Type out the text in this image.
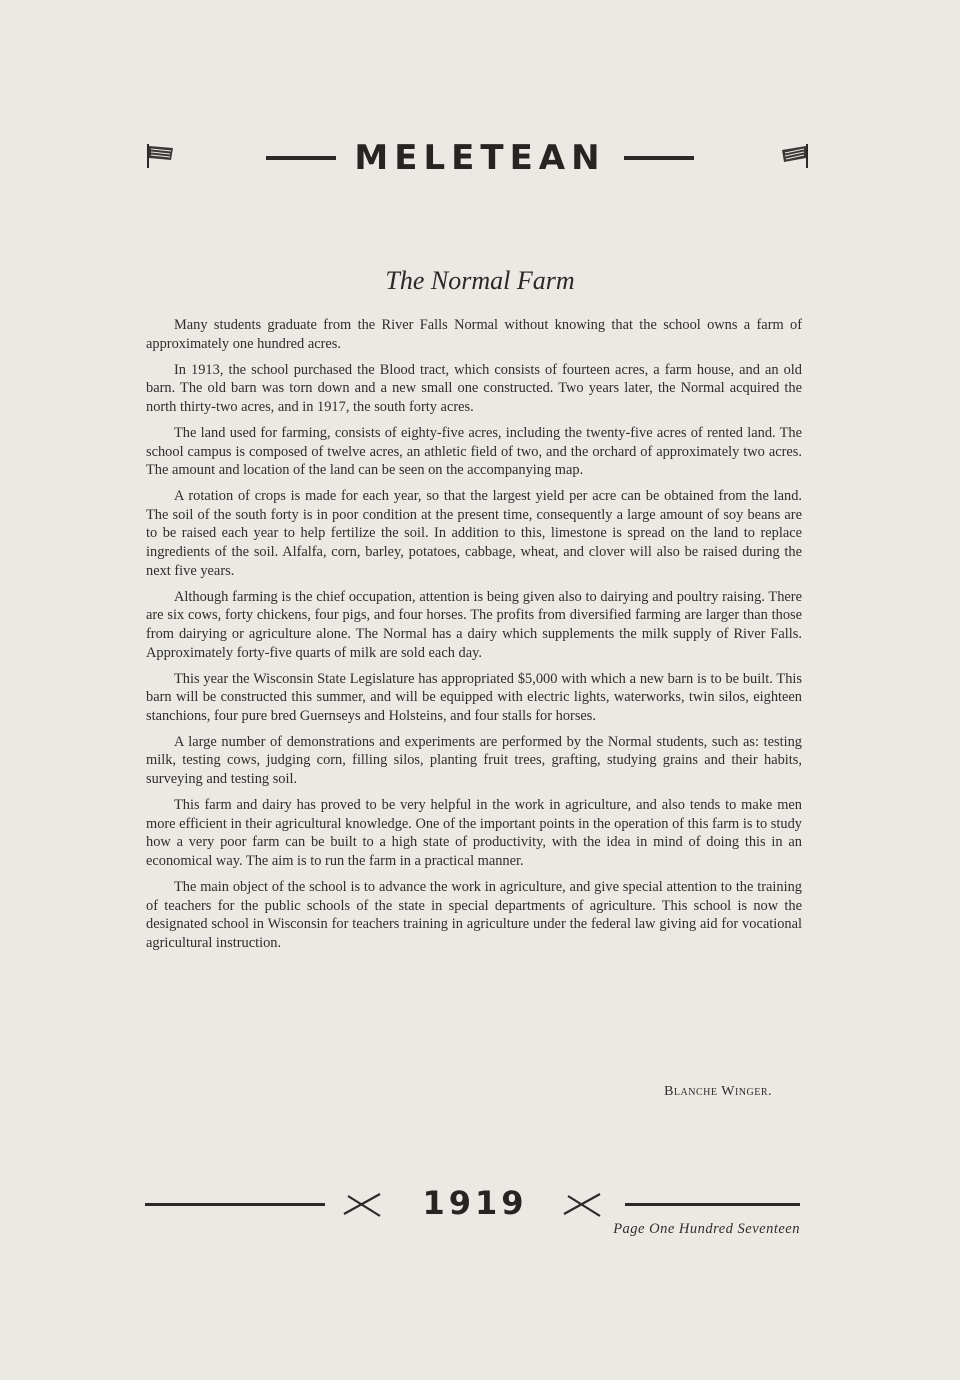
MELETEAN
The Normal Farm

Many students graduate from the River Falls Normal without knowing that the school owns a farm of approximately one hundred acres.

In 1913, the school purchased the Blood tract, which consists of fourteen acres, a farm house, and an old barn. The old barn was torn down and a new small one constructed. Two years later, the Normal acquired the north thirty-two acres, and in 1917, the south forty acres.

The land used for farming, consists of eighty-five acres, including the twenty-five acres of rented land. The school campus is composed of twelve acres, an athletic field of two, and the orchard of approximately two acres. The amount and location of the land can be seen on the accompanying map.

A rotation of crops is made for each year, so that the largest yield per acre can be obtained from the land. The soil of the south forty is in poor condition at the present time, consequently a large amount of soy beans are to be raised each year to help fertilize the soil. In addition to this, limestone is spread on the land to replace ingredients of the soil. Alfalfa, corn, barley, potatoes, cabbage, wheat, and clover will also be raised during the next five years.

Although farming is the chief occupation, attention is being given also to dairying and poultry raising. There are six cows, forty chickens, four pigs, and four horses. The profits from diversified farming are larger than those from dairying or agriculture alone. The Normal has a dairy which supplements the milk supply of River Falls. Approximately forty-five quarts of milk are sold each day.

This year the Wisconsin State Legislature has appropriated $5,000 with which a new barn is to be built. This barn will be constructed this summer, and will be equipped with electric lights, waterworks, twin silos, eighteen stanchions, four pure bred Guernseys and Holsteins, and four stalls for horses.

A large number of demonstrations and experiments are performed by the Normal students, such as: testing milk, testing cows, judging corn, filling silos, planting fruit trees, grafting, studying grains and their habits, surveying and testing soil.

This farm and dairy has proved to be very helpful in the work in agriculture, and also tends to make men more efficient in their agricultural knowledge. One of the important points in the operation of this farm is to study how a very poor farm can be built to a high state of productivity, with the idea in mind of doing this in an economical way. The aim is to run the farm in a practical manner.

The main object of the school is to advance the work in agriculture, and give special attention to the training of teachers for the public schools of the state in special departments of agriculture. This school is now the designated school in Wisconsin for teachers training in agriculture under the federal law giving aid for vocational agricultural instruction.

Blanche Winger.
1919
Page One Hundred Seventeen
